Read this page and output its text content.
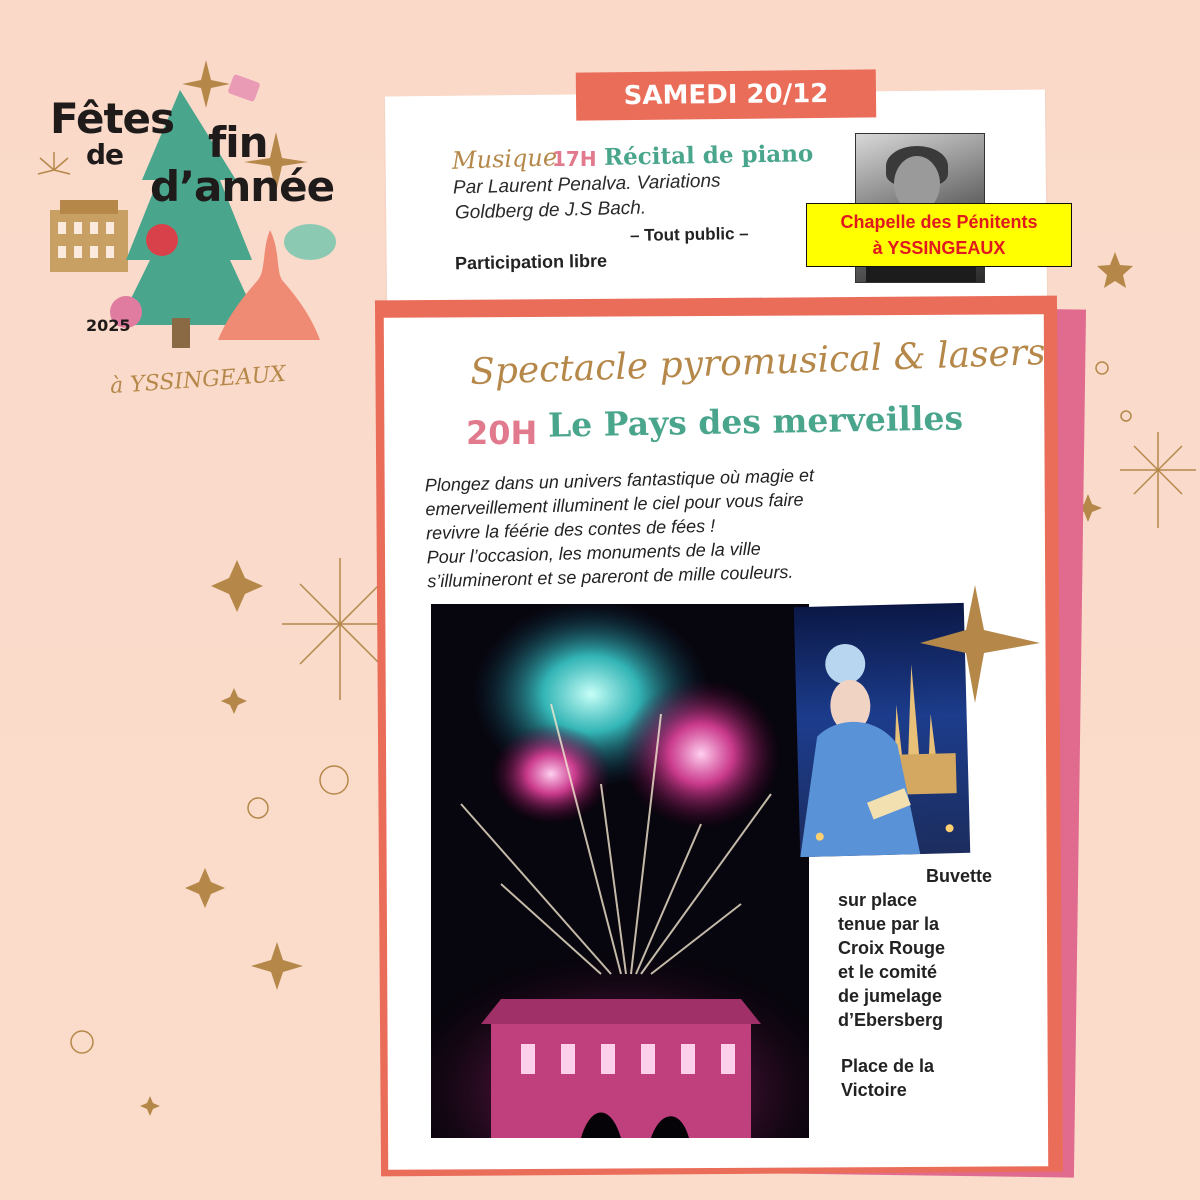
Fêtes
de fin
d’année
2025
à YSSINGEAUX
SAMEDI 20/12
Musique
17H Récital de piano
Par Laurent Penalva. Variations
Goldberg de J.S Bach.
– Tout public –
Participation libre
Chapelle des Pénitents
à YSSINGEAUX
Spectacle pyromusical & lasers
20H Le Pays des merveilles
Plongez dans un univers fantastique où magie et
emerveillement illuminent le ciel pour vous faire
revivre la féérie des contes de fées !
Pour l’occasion, les monuments de la ville
s’illumineront et se pareront de mille couleurs.
Buvette
sur place
tenue par la
Croix Rouge
et le comité
de jumelage
d’Ebersberg
Place de la
Victoire
